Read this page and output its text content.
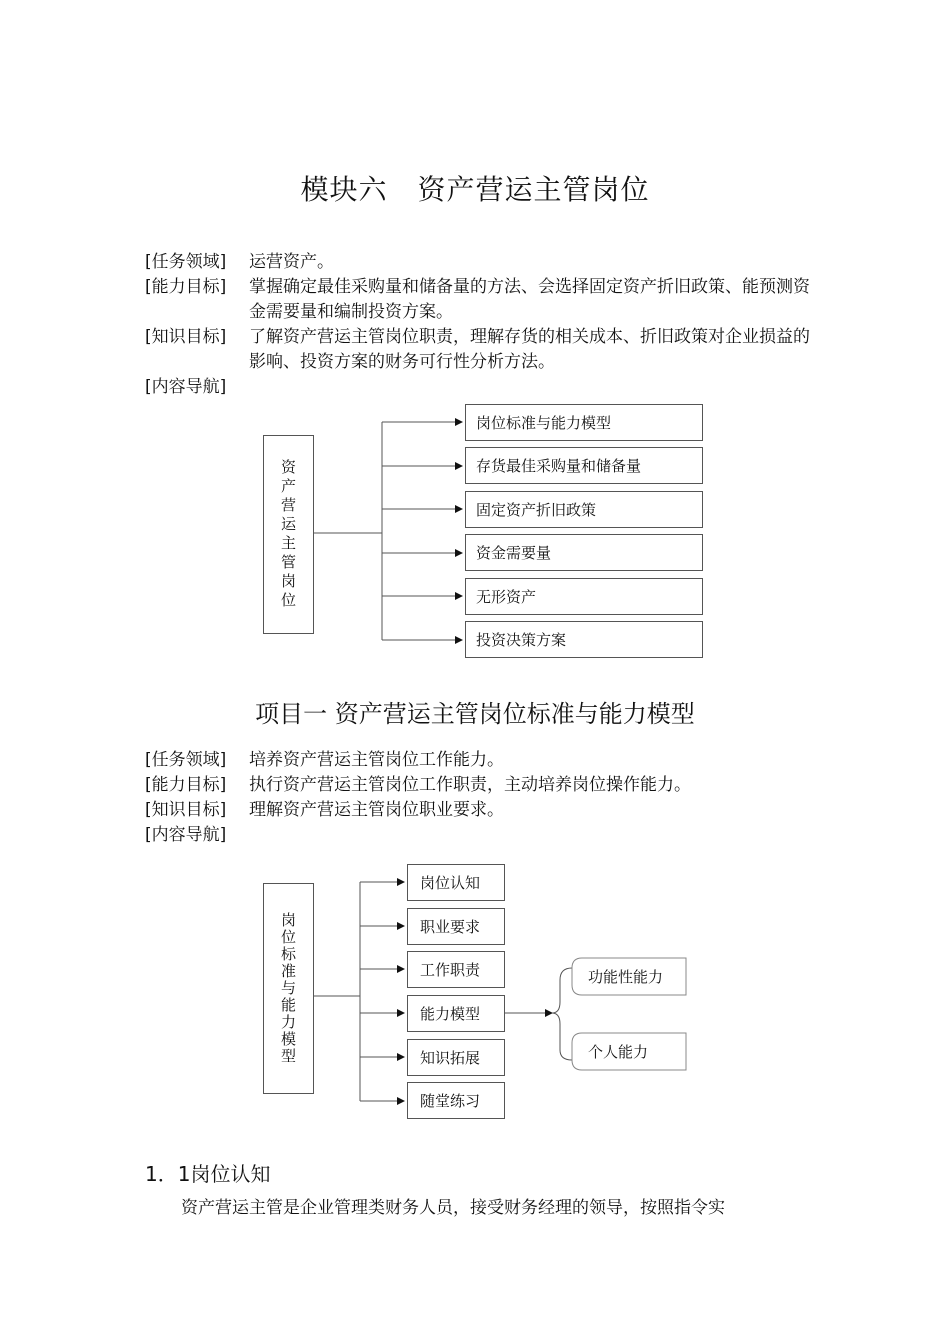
模块六 资产营运主管岗位
[任务领域]	运营资产。
[能力目标]	掌握确定最佳采购量和储备量的方法、会选择固定资产折旧政策、能预测资金需要量和编制投资方案。
[知识目标]	了解资产营运主管岗位职责，理解存货的相关成本、折旧政策对企业损益的影响、投资方案的财务可行性分析方法。
[内容导航]
资产营运主管岗位
岗位标准与能力模型
存货最佳采购量和储备量
固定资产折旧政策
资金需要量
无形资产
投资决策方案
项目一 资产营运主管岗位标准与能力模型
[任务领域]	培养资产营运主管岗位工作能力。
[能力目标]	执行资产营运主管岗位工作职责，主动培养岗位操作能力。
[知识目标]	理解资产营运主管岗位职业要求。
[内容导航]
岗位标准与能力模型
岗位认知
职业要求
工作职责
能力模型
知识拓展
随堂练习
功能性能力
个人能力
1．1岗位认知
资产营运主管是企业管理类财务人员，接受财务经理的领导，按照指令实
